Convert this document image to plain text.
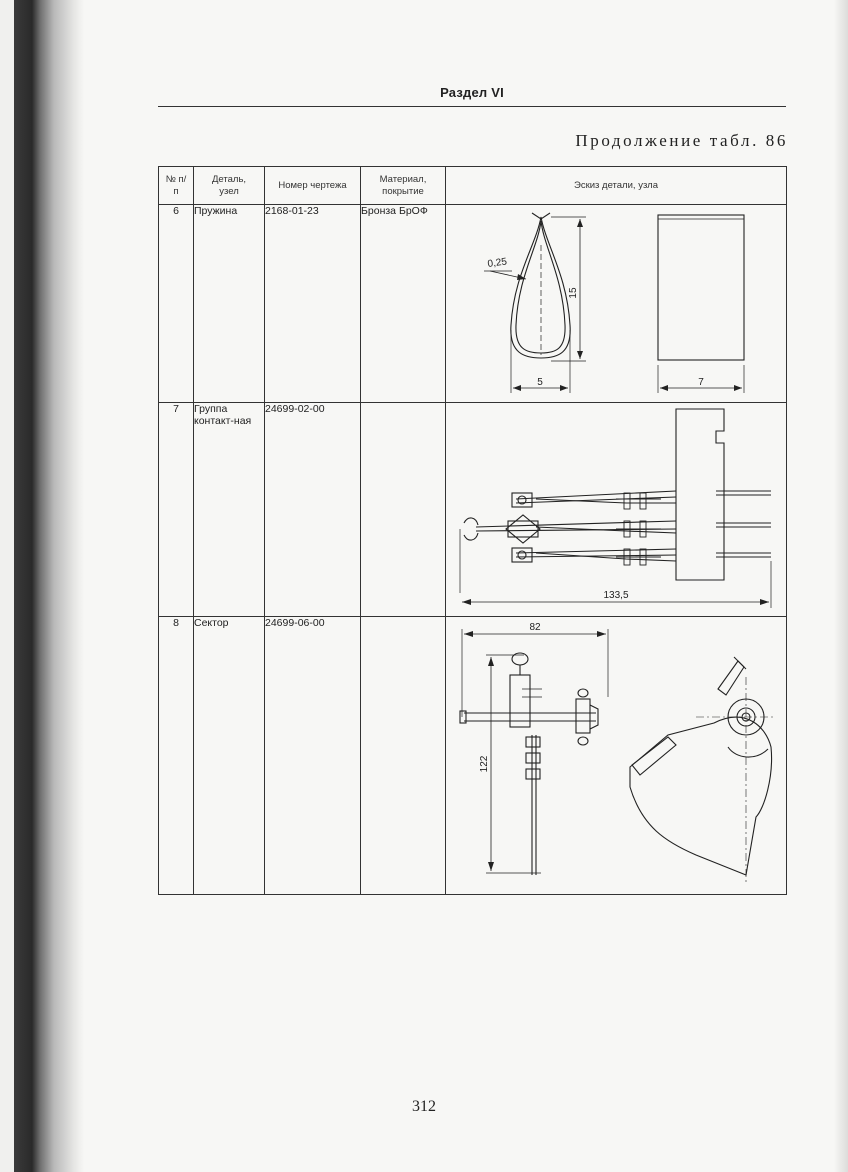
Раздел VI
Продолжение табл. 86
№ п/п	Деталь, узел	Номер чертежа	Материал, покрытие	Эскиз детали, узла
6	Пружина	2168-01-23	Бронза БрОФ	0,25
15
5 7

7	Группа контакт-ная	24699-02-00		133,5

8	Сектор	24699-06-00		82
122
312
